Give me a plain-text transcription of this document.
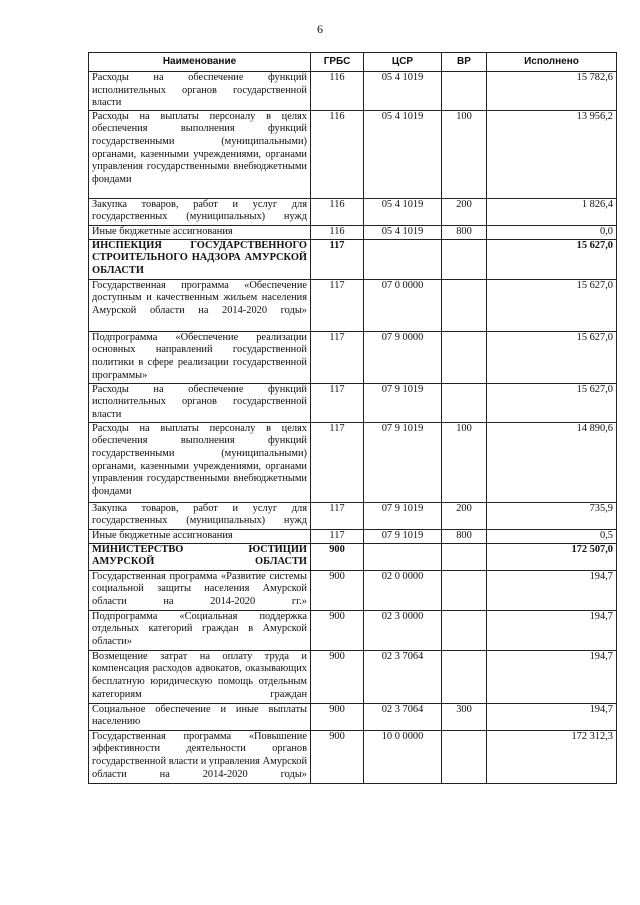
6
Наименование	ГРБС	ЦСР	ВР	Исполнено
Расходы на обеспечение функций исполнительных органов государственной власти	116	05 4 1019		15 782,6
Расходы на выплаты персоналу в целях обеспечения выполнения функций государственными (муниципальными) органами, казенными учреждениями, органами управления государственными внебюджетными фондами	116	05 4 1019	100	13 956,2
Закупка товаров, работ и услуг для государственных (муниципальных) нужд	116	05 4 1019	200	1 826,4
Иные бюджетные ассигнования	116	05 4 1019	800	0,0
ИНСПЕКЦИЯ ГОСУДАРСТВЕННОГО СТРОИТЕЛЬНОГО НАДЗОРА АМУРСКОЙ ОБЛАСТИ	117			15 627,0
Государственная программа «Обеспечение доступным и качественным жильем населения Амурской области на 2014-2020 годы»	117	07 0 0000		15 627,0
Подпрограмма «Обеспечение реализации основных направлений государственной политики в сфере реализации государственной программы»	117	07 9 0000		15 627,0
Расходы на обеспечение функций исполнительных органов государственной власти	117	07 9 1019		15 627,0
Расходы на выплаты персоналу в целях обеспечения выполнения функций государственными (муниципальными) органами, казенными учреждениями, органами управления государственными внебюджетными фондами	117	07 9 1019	100	14 890,6
Закупка товаров, работ и услуг для государственных (муниципальных) нужд	117	07 9 1019	200	735,9
Иные бюджетные ассигнования	117	07 9 1019	800	0,5
МИНИСТЕРСТВО ЮСТИЦИИ АМУРСКОЙ ОБЛАСТИ	900			172 507,0
Государственная программа «Развитие системы социальной защиты населения Амурской области на 2014-2020 гг.»	900	02 0 0000		194,7
Подпрограмма «Социальная поддержка отдельных категорий граждан в Амурской области»	900	02 3 0000		194,7
Возмещение затрат на оплату труда и компенсация расходов адвокатов, оказывающих бесплатную юридическую помощь отдельным категориям граждан	900	02 3 7064		194,7
Социальное обеспечение и иные выплаты населению	900	02 3 7064	300	194,7
Государственная программа «Повышение эффективности деятельности органов государственной власти и управления Амурской области на 2014-2020 годы»	900	10 0 0000		172 312,3
